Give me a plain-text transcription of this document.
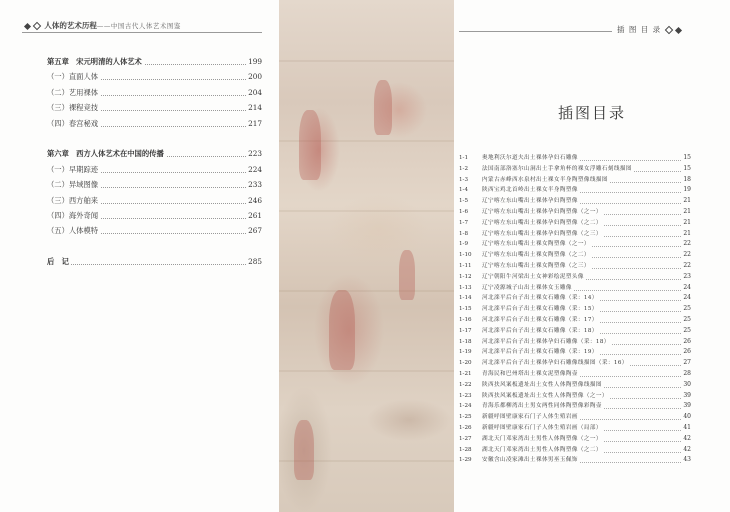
人体的艺术历程——中国古代人体艺术图鉴
第五章　宋元明清的人体艺术	199
（一）直面人体	200
（二）艺用裸体	204
（三）裸程竞技	214
（四）春宫秘戏	217
第六章　西方人体艺术在中国的传播	223
（一）早期踪迹	224
（二）异域图像	233
（三）西方舶来	246
（四）海外奇闻	261
（五）人体模特	267
后　记	285
插 图 目 录
插图目录
1-1	奥地利沃尔道夫出土裸体孕妇石雕像	15
1-2	法国南部洛塞尔山洞出土手拿角杯的裸女浮雕石刻线描图	15
1-3	内蒙古赤峰西水泉村出土裸女半身陶塑像线描图	18
1-4	陕西宝鸡北首岭出土裸女半身陶塑像	19
1-5	辽宁喀左东山嘴出土裸体孕妇陶塑像	21
1-6	辽宁喀左东山嘴出土裸体孕妇陶塑像（之一）	21
1-7	辽宁喀左东山嘴出土裸体孕妇陶塑像（之二）	21
1-8	辽宁喀左东山嘴出土裸体孕妇陶塑像（之三）	21
1-9	辽宁喀左东山嘴出土裸女陶塑像（之一）	22
1-10	辽宁喀左东山嘴出土裸女陶塑像（之二）	22
1-11	辽宁喀左东山嘴出土裸女陶塑像（之三）	22
1-12	辽宁朝阳牛河梁出土女神彩绘泥塑头像	23
1-13	辽宁凌源城子山出土裸体女玉雕像	24
1-14	河北滦平后台子出土裸女石雕像（采：14）	24
1-15	河北滦平后台子出土裸女石雕像（采：15）	25
1-16	河北滦平后台子出土裸女石雕像（采：17）	25
1-17	河北滦平后台子出土裸女石雕像（采：18）	25
1-18	河北滦平后台子出土裸体孕妇石雕像（采：18）	26
1-19	河北滦平后台子出土裸女石雕像（采：19）	26
1-20	河北滦平后台子出土裸体孕妇石雕像线描图（采：16）	27
1-21	青海民和巴州塔出土裸女泥塑像陶壶	28
1-22	陕西扶风案板遗址出土女性人体陶塑像线描图	30
1-23	陕西扶风案板遗址出土女性人体陶塑像（之一）	39
1-24	青海乐都柳湾出土男女两性同体陶塑像彩陶壶	39
1-25	新疆呼图壁康家石门子人体生殖岩画	40
1-26	新疆呼图壁康家石门子人体生殖岩画（局部）	41
1-27	湖北天门邓家湾出土男性人体陶塑像（之一）	42
1-28	湖北天门邓家湾出土男性人体陶塑像（之二）	42
1-29	安徽含山凌家滩出土裸体男巫玉佩饰	43
